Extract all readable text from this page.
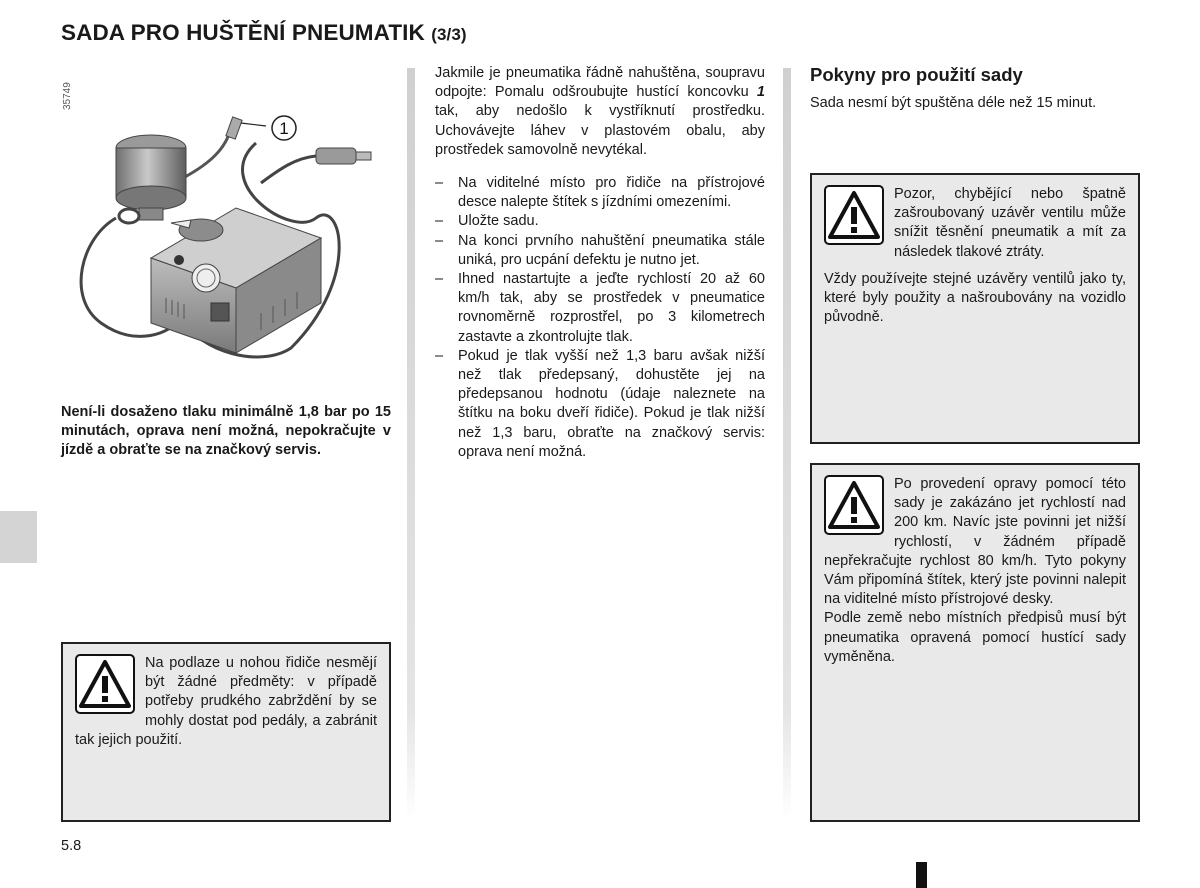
SADA PRO HUŠTĚNÍ PNEUMATIK (3/3)
35749
1
Není-li dosaženo tlaku minimálně 1,8 bar po 15 minutách, oprava není možná, nepokračujte v jízdě a obraťte se na značkový servis.

Na podlaze u nohou řidiče nesmějí být žádné předměty: v případě potřeby prudkého zabrždění by se mohly dostat pod pedály, a zabránit tak jejich použití.

Jakmile je pneumatika řádně nahuštěna, soupravu odpojte: Pomalu odšroubujte hustící koncovku 1 tak, aby nedošlo k vystříknutí prostředku. Uchovávejte láhev v plastovém obalu, aby prostředek samovolně nevytékal.

– Na viditelné místo pro řidiče na přístrojové desce nalepte štítek s jízdními omezeními.
– Uložte sadu.
– Na konci prvního nahuštění pneumatika stále uniká, pro ucpání defektu je nutno jet.
– Ihned nastartujte a jeďte rychlostí 20 až 60 km/h tak, aby se prostředek v pneumatice rovnoměrně rozprostřel, po 3 kilometrech zastavte a zkontrolujte tlak.
– Pokud je tlak vyšší než 1,3 baru avšak nižší než tlak předepsaný, dohustěte jej na předepsanou hodnotu (údaje naleznete na štítku na boku dveří řidiče). Pokud je tlak nižší než 1,3 baru, obraťte na značkový servis: oprava není možná.
Pokyny pro použití sady
Sada nesmí být spuštěna déle než 15 minut.

Pozor, chybějící nebo špatně zašroubovaný uzávěr ventilu může snížit těsnění pneumatik a mít za následek tlakové ztráty.

Vždy používejte stejné uzávěry ventilů jako ty, které byly použity a našroubovány na vozidlo původně.

Po provedení opravy pomocí této sady je zakázáno jet rychlostí nad 200 km. Navíc jste povinni jet nižší rychlostí, v žádném případě nepřekračujte rychlost 80 km/h. Tyto pokyny Vám připomíná štítek, který jste povinni nalepit na viditelné místo přístrojové desky.

Podle země nebo místních předpisů musí být pneumatika opravená pomocí hustící sady vyměněna.

5.8
